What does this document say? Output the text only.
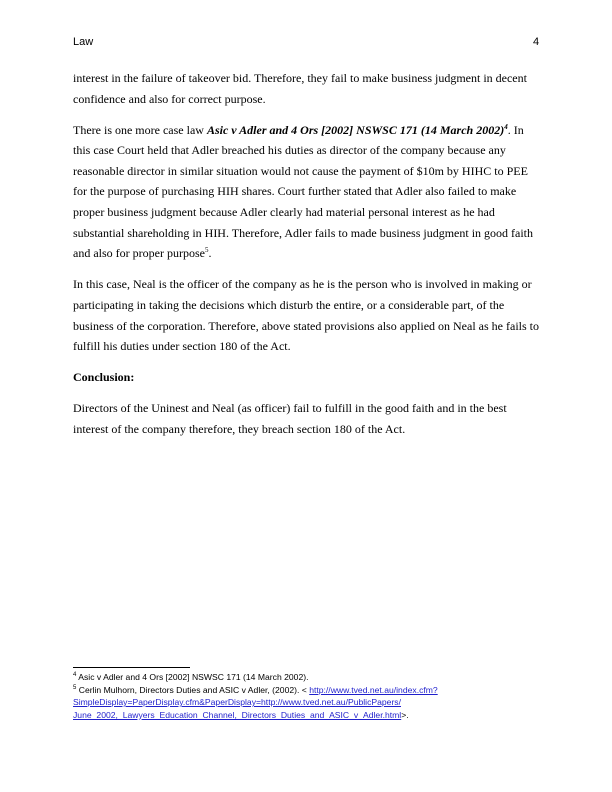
Law	4

interest in the failure of takeover bid. Therefore, they fail to make business judgment in decent confidence and also for correct purpose.

There is one more case law Asic v Adler and 4 Ors [2002] NSWSC 171 (14 March 2002)$^4$. In this case Court held that Adler breached his duties as director of the company because any reasonable director in similar situation would not cause the payment of $10m by HIHC to PEE for the purpose of purchasing HIH shares. Court further stated that Adler also failed to make proper business judgment because Adler clearly had material personal interest as he had substantial shareholding in HIH. Therefore, Adler fails to made business judgment in good faith and also for proper purpose$^5$.

In this case, Neal is the officer of the company as he is the person who is involved in making or participating in taking the decisions which disturb the entire, or a considerable part, of the business of the corporation. Therefore, above stated provisions also applied on Neal as he fails to fulfill his duties under section 180 of the Act.

Conclusion:

Directors of the Uninest and Neal (as officer) fail to fulfill in the good faith and in the best interest of the company therefore, they breach section 180 of the Act.

$^4$ Asic v Adler and 4 Ors [2002] NSWSC 171 (14 March 2002).
$^5$ Cerlin Mulhorn, Directors Duties and ASIC v Adler, (2002). < http://www.tved.net.au/index.cfm?
SimpleDisplay=PaperDisplay.cfm&PaperDisplay=http://www.tved.net.au/PublicPapers/
June_2002,_Lawyers_Education_Channel,_Directors_Duties_and_ASIC_v_Adler.html>.
